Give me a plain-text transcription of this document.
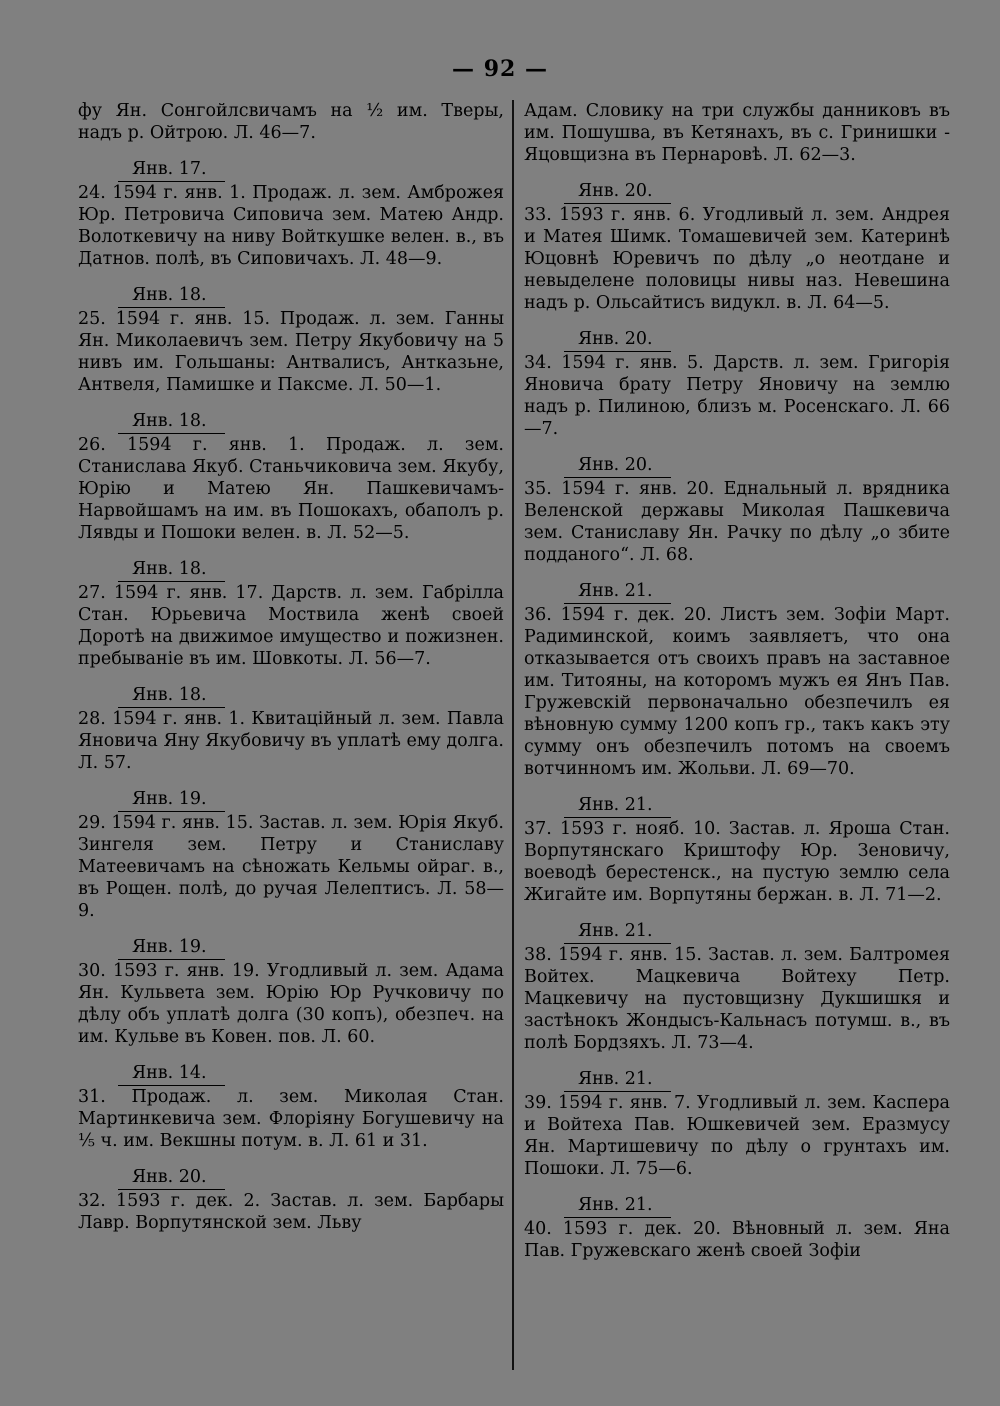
— 92 —

фу Ян. Сонгойлсвичамъ на ½ им. Тверы, надъ р. Ойтрою. Л. 46—7.

Янв. 17.

24. 1594 г. янв. 1. Продаж. л. зем. Амброжея Юр. Петровича Сиповича зем. Матею Андр. Волоткевичу на ниву Войткушке велен. в., въ Датнов. полѣ, въ Сиповичахъ. Л. 48—9.

Янв. 18.

25. 1594 г. янв. 15. Продаж. л. зем. Ганны Ян. Миколаевичъ зем. Петру Якубовичу на 5 нивъ им. Гольшаны: Антвалисъ, Антказьне, Антвеля, Памишке и Паксме. Л. 50—1.

Янв. 18.

26. 1594 г. янв. 1. Продаж. л. зем. Станислава Якуб. Станьчиковича зем. Якубу, Юрію и Матею Ян. Пашкевичамъ-Нарвойшамъ на им. въ Пошокахъ, обаполъ р. Лявды и Пошоки велен. в. Л. 52—5.

Янв. 18.

27. 1594 г. янв. 17. Дарств. л. зем. Габрілла Стан. Юрьевича Моствила женѣ своей Доротѣ на движимое имущество и пожизнен. пребываніе въ им. Шовкоты. Л. 56—7.

Янв. 18.

28. 1594 г. янв. 1. Квитацiйный л. зем. Павла Яновича Яну Якубовичу въ уплатѣ ему долга. Л. 57.

Янв. 19.

29. 1594 г. янв. 15. Застав. л. зем. Юрія Якуб. Зингеля зем. Петру и Станиславу Матеевичамъ на сѣножать Кельмы ойраг. в., въ Рощен. полѣ, до ручая Лелептисъ. Л. 58—9.

Янв. 19.

30. 1593 г. янв. 19. Угодливый л. зем. Адама Ян. Кульвета зем. Юрію Юр Ручковичу по дѣлу объ уплатѣ долга (30 копъ), обезпеч. на им. Кульве въ Ковен. пов. Л. 60.

Янв. 14.

31. Продаж. л. зем. Миколая Стан. Мартинкевича зем. Флоріяну Богушевичу на ⅕ ч. им. Векшны потум. в. Л. 61 и 31.

Янв. 20.

32. 1593 г. дек. 2. Застав. л. зем. Барбары Лавр. Ворпутянской зем. Льву

Адам. Словику на три службы данниковъ въ им. Пошушва, въ Кетянахъ, въ с. Гринишки - Яцовщизна въ Пернаровѣ. Л. 62—3.

Янв. 20.

33. 1593 г. янв. 6. Угодливый л. зем. Андрея и Матея Шимк. Томашевичей зем. Катеринѣ Юцовнѣ Юревичъ по дѣлу „о неотдане и невыделене половицы нивы наз. Невешина надъ р. Ольсайтисъ видукл. в. Л. 64—5.

Янв. 20.

34. 1594 г. янв. 5. Дарств. л. зем. Григорія Яновича брату Петру Яновичу на землю надъ р. Пилиною, близъ м. Росенскаго. Л. 66—7.

Янв. 20.

35. 1594 г. янв. 20. Еднальный л. врядника Веленской державы Миколая Пашкевича зем. Станиславу Ян. Рачку по дѣлу „о збите подданого“. Л. 68.

Янв. 21.

36. 1594 г. дек. 20. Листъ зем. Зофіи Март. Радиминской, коимъ заявляетъ, что она отказывается отъ своихъ правъ на заставное им. Титояны, на которомъ мужъ ея Янъ Пав. Гружевскій первоначально обезпечилъ ея вѣновную сумму 1200 копъ гр., такъ какъ эту сумму онъ обезпечилъ потомъ на своемъ вотчинномъ им. Жольви. Л. 69—70.

Янв. 21.

37. 1593 г. нояб. 10. Застав. л. Яроша Стан. Ворпутянскаго Криштофу Юр. Зеновичу, воеводѣ берестенск., на пустую землю села Жигайте им. Ворпутяны бержан. в. Л. 71—2.

Янв. 21.

38. 1594 г. янв. 15. Застав. л. зем. Балтромея Войтех. Мацкевича Войтеху Петр. Мацкевичу на пустовщизну Дукшишкя и застѣнокъ Жондысъ-Кальнасъ потумш. в., въ полѣ Бордзяхъ. Л. 73—4.

Янв. 21.

39. 1594 г. янв. 7. Угодливый л. зем. Каспера и Войтеха Пав. Юшкевичей зем. Еразмусу Ян. Мартишевичу по дѣлу о грунтахъ им. Пошоки. Л. 75—6.

Янв. 21.

40. 1593 г. дек. 20. Вѣновный л. зем. Яна Пав. Гружевскаго женѣ своей Зофіи
